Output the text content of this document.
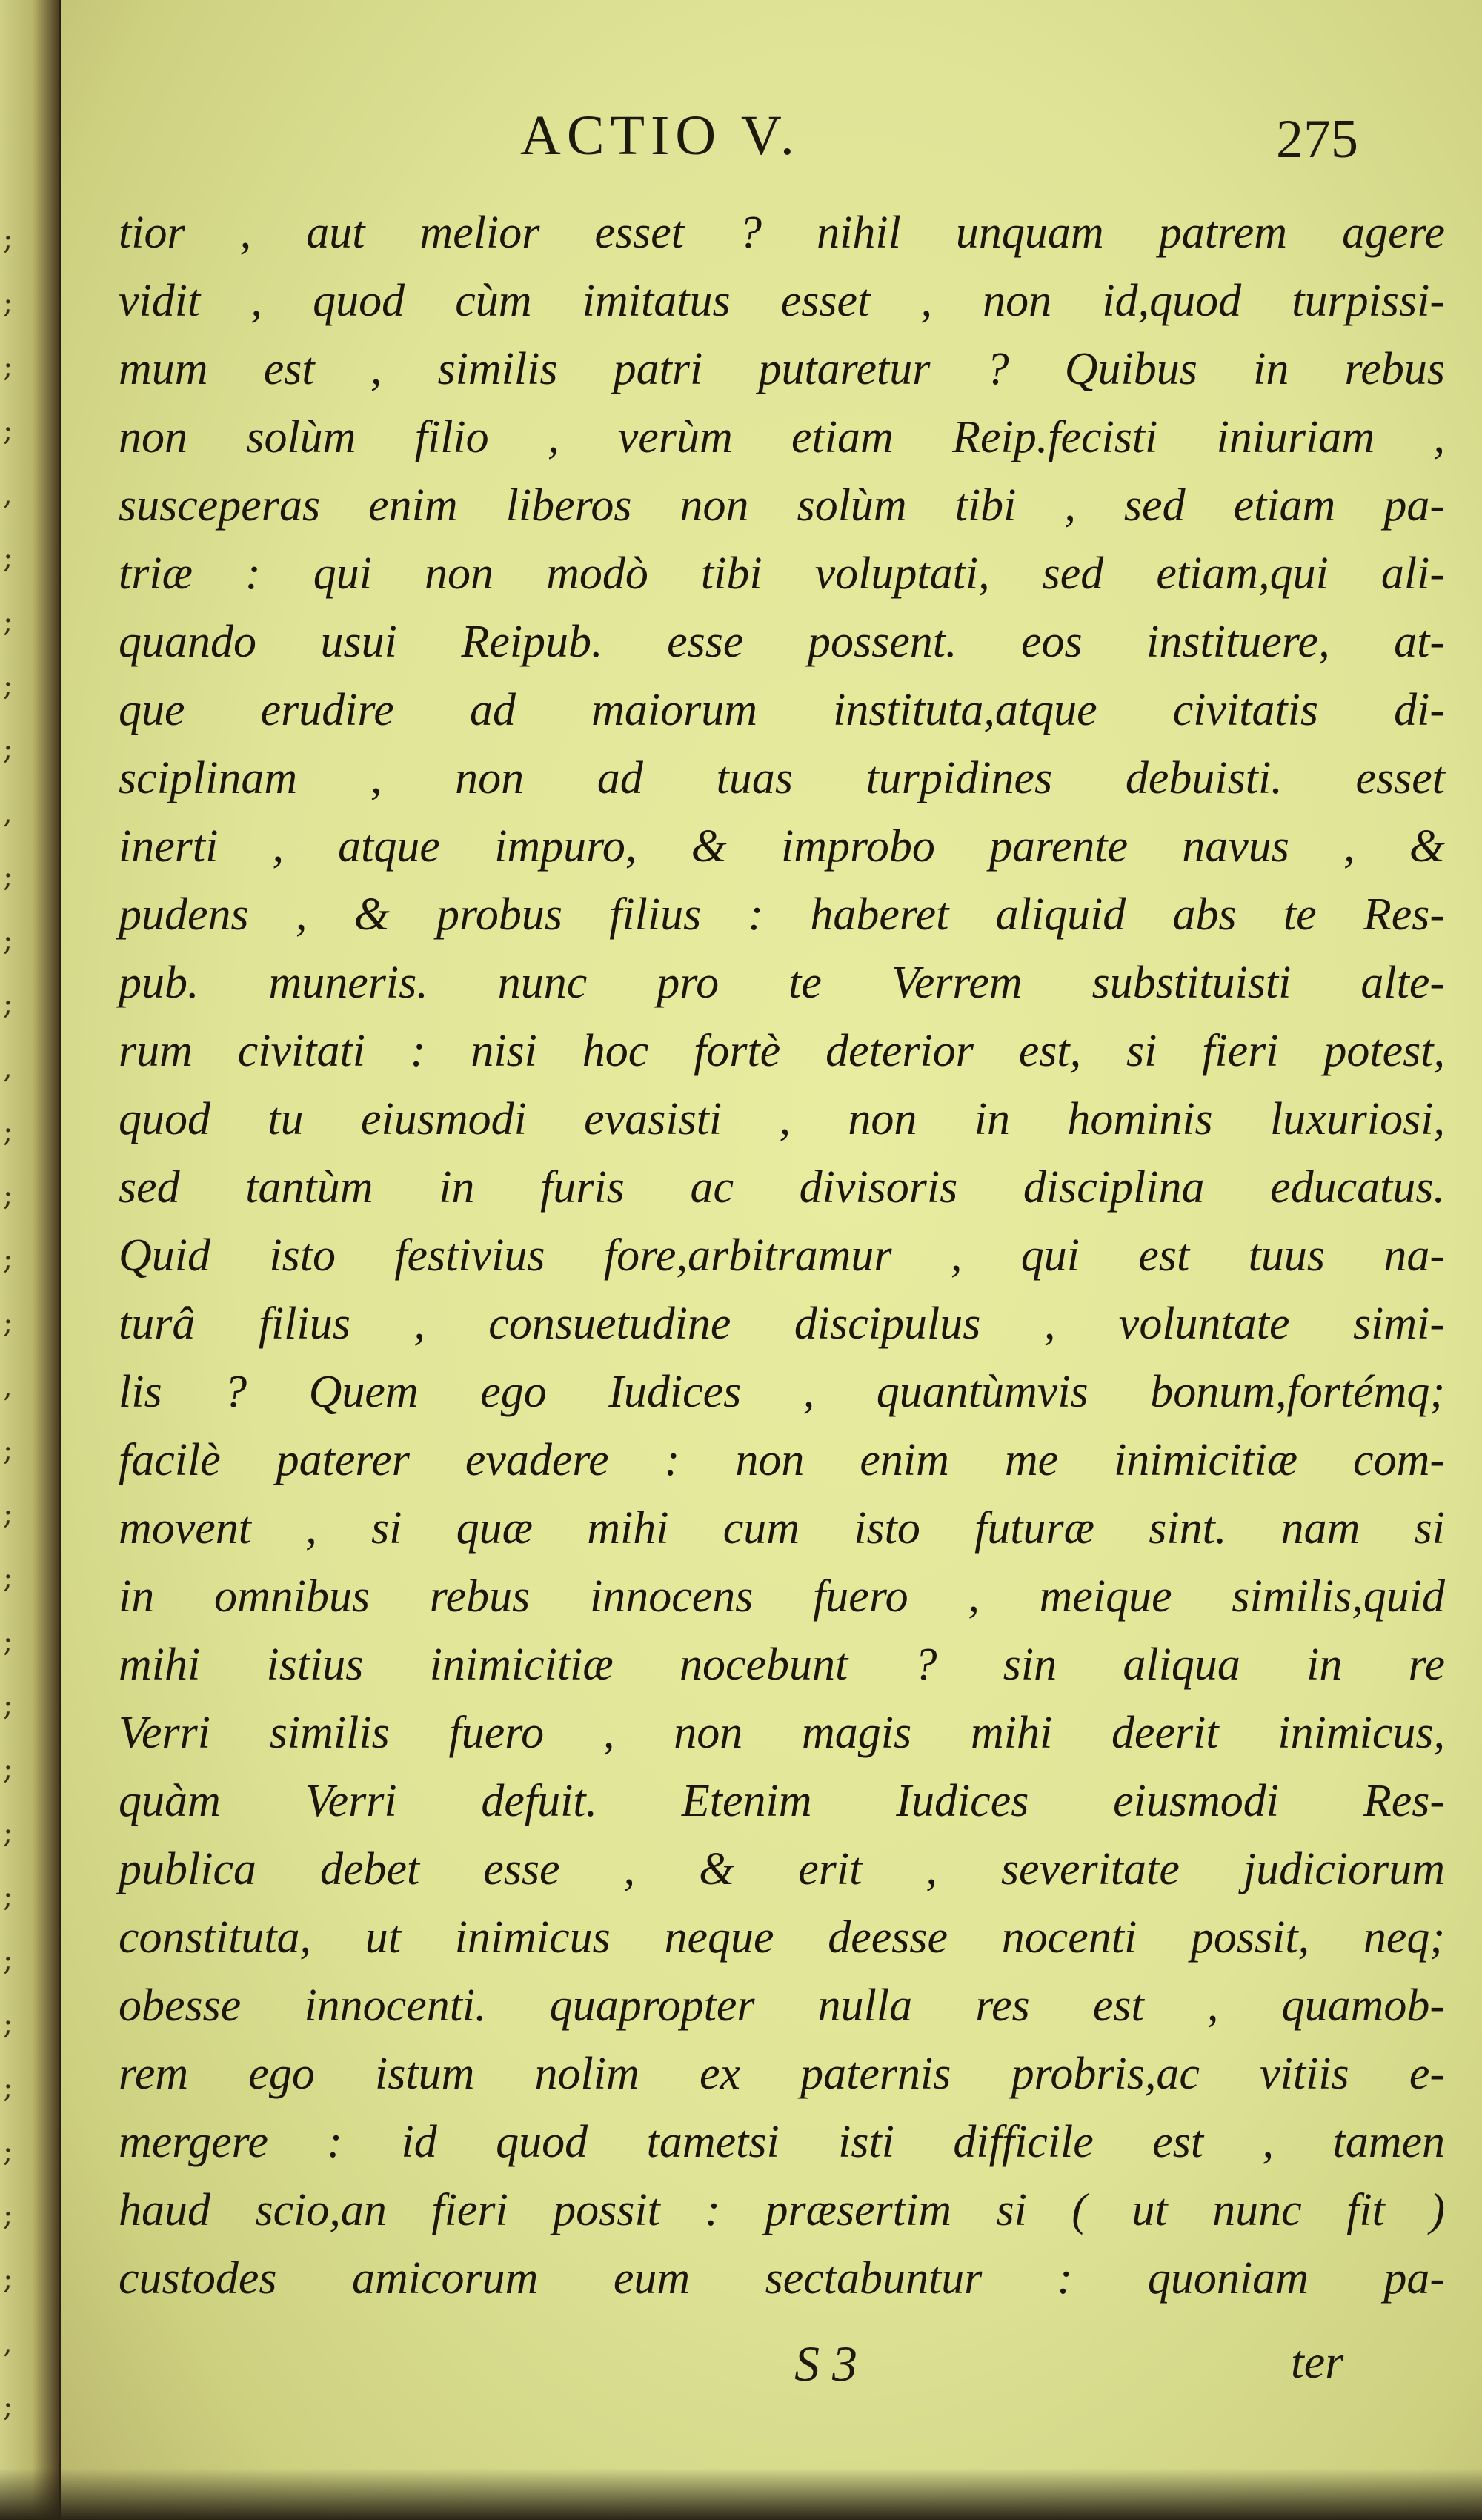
;
;
;
;
,
;
;
;
;
,
;
;
;
,
;
;
;
;
,
;
;
;
;
;
;
;
;
;
;
;
;
;
;
,
;
ACTIO V.	275
tior , aut melior esset ? nihil unquam patrem agere
vidit , quod cùm imitatus esset , non id,quod turpissi-
mum est , similis patri putaretur ? Quibus in rebus
non solùm filio , verùm etiam Reip.fecisti iniuriam ,
susceperas enim liberos non solùm tibi , sed etiam pa-
triæ : qui non modò tibi voluptati, sed etiam,qui ali-
quando usui Reipub. esse possent. eos instituere, at-
que erudire ad maiorum instituta,atque civitatis di-
sciplinam , non ad tuas turpidines debuisti. esset
inerti , atque impuro, & improbo parente navus , &
pudens , & probus filius : haberet aliquid abs te Res-
pub. muneris. nunc pro te Verrem substituisti alte-
rum civitati : nisi hoc fortè deterior est, si fieri potest,
quod tu eiusmodi evasisti , non in hominis luxuriosi,
sed tantùm in furis ac divisoris disciplina educatus.
Quid isto festivius fore,arbitramur , qui est tuus na-
turâ filius , consuetudine discipulus , voluntate simi-
lis ? Quem ego Iudices , quantùmvis bonum,fortémq;
facilè paterer evadere : non enim me inimicitiæ com-
movent , si quæ mihi cum isto futuræ sint. nam si
in omnibus rebus innocens fuero , meique similis,quid
mihi istius inimicitiæ nocebunt ? sin aliqua in re
Verri similis fuero , non magis mihi deerit inimicus,
quàm Verri defuit. Etenim Iudices eiusmodi Res-
publica debet esse , & erit , severitate judiciorum
constituta, ut inimicus neque deesse nocenti possit, neq;
obesse innocenti. quapropter nulla res est , quamob-
rem ego istum nolim ex paternis probris,ac vitiis e-
mergere : id quod tametsi isti difficile est , tamen
haud scio,an fieri possit : præsertim si ( ut nunc fit )
custodes amicorum eum sectabuntur : quoniam pa-
S 3	ter
